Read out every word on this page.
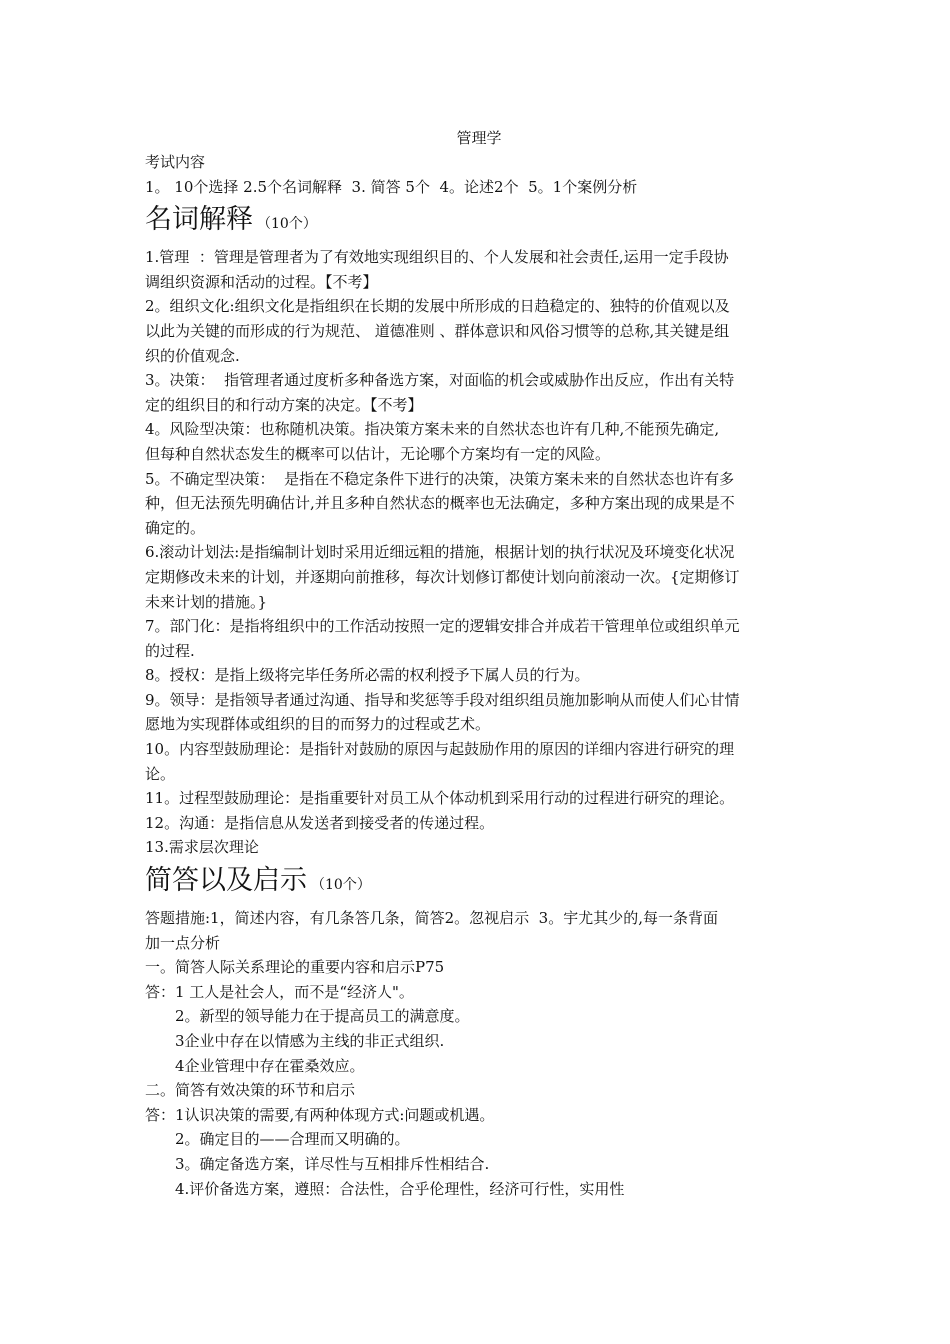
管理学

考试内容

1。 10个选择 2.5个名词解释  3. 简答 5个  4。论述2个  5。1个案例分析

名词解释 （10个）

1.管理  ：管理是管理者为了有效地实现组织目的、个人发展和社会责任,运用一定手段协

调组织资源和活动的过程。【不考】

2。组织文化:组织文化是指组织在长期的发展中所形成的日趋稳定的、独特的价值观以及

以此为关键的而形成的行为规范、 道德准则 、群体意识和风俗习惯等的总称,其关键是组

织的价值观念.

3。决策：  指管理者通过度析多种备选方案，对面临的机会或威胁作出反应，作出有关特

定的组织目的和行动方案的决定。【不考】

4。风险型决策：也称随机决策。指决策方案未来的自然状态也许有几种,不能预先确定,

但每种自然状态发生的概率可以估计，无论哪个方案均有一定的风险。

5。不确定型决策：  是指在不稳定条件下进行的决策，决策方案未来的自然状态也许有多

种，但无法预先明确估计,并且多种自然状态的概率也无法确定，多种方案出现的成果是不

确定的。

6.滚动计划法:是指编制计划时采用近细远粗的措施，根据计划的执行状况及环境变化状况

定期修改未来的计划，并逐期向前推移，每次计划修订都使计划向前滚动一次。{定期修订

未来计划的措施。}

7。部门化：是指将组织中的工作活动按照一定的逻辑安排合并成若干管理单位或组织单元

的过程.

8。授权：是指上级将完毕任务所必需的权利授予下属人员的行为。

9。领导：是指领导者通过沟通、指导和奖惩等手段对组织组员施加影响从而使人们心甘情

愿地为实现群体或组织的目的而努力的过程或艺术。

10。内容型鼓励理论：是指针对鼓励的原因与起鼓励作用的原因的详细内容进行研究的理

论。

11。过程型鼓励理论：是指重要针对员工从个体动机到采用行动的过程进行研究的理论。

12。沟通：是指信息从发送者到接受者的传递过程。

13.需求层次理论

简答以及启示 （10个）

答题措施:1，简述内容，有几条答几条，简答2。忽视启示  3。宇尤其少的,每一条背面

加一点分析

一。简答人际关系理论的重要内容和启示P75

答：1 工人是社会人，而不是“经济人"。

2。新型的领导能力在于提高员工的满意度。

3企业中存在以情感为主线的非正式组织.

4企业管理中存在霍桑效应。

二。简答有效决策的环节和启示

答：1认识决策的需要,有两种体现方式:问题或机遇。

2。确定目的——合理而又明确的。

3。确定备选方案，详尽性与互相排斥性相结合.

4.评价备选方案，遵照：合法性，合乎伦理性，经济可行性，实用性
